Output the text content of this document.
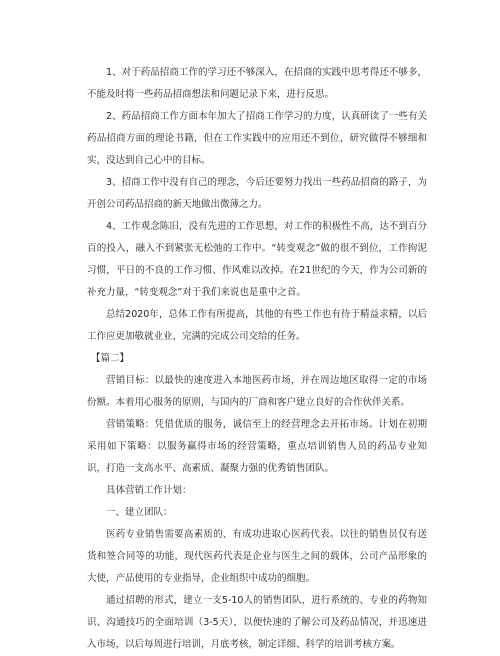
1、对于药品招商工作的学习还不够深入，在招商的实践中思考得还不够多，不能及时将一些药品招商想法和问题记录下来，进行反思。

2、药品招商工作方面本年加大了招商工作学习的力度，认真研读了一些有关药品招商方面的理论书籍，但在工作实践中的应用还不到位，研究做得不够细和实，没达到自己心中的目标。

3、招商工作中没有自己的理念，今后还要努力找出一些药品招商的路子，为开创公司药品招商的新天地做出微薄之力。

4、工作观念陈旧，没有先进的工作思想，对工作的积极性不高，达不到百分百的投入，融入不到紧张无松弛的工作中。“转变观念”做的很不到位，工作拘泥习惯，平日的不良的工作习惯、作风难以改掉。在21世纪的今天，作为公司新的补充力量，“转变观念”对于我们来说也是重中之首。

总结2020年，总体工作有所提高，其他的有些工作也有待于精益求精，以后工作应更加敬就业业，完满的完成公司交给的任务。

【篇二】

营销目标：以最快的速度进入本地医药市场，并在周边地区取得一定的市场份额。本着用心服务的原则，与国内的厂商和客户建立良好的合作伙伴关系。

营销策略：凭借优质的服务，诚信至上的经营理念去开拓市场。计划在初期采用如下策略：以服务赢得市场的经营策略，重点培训销售人员的药品专业知识，打造一支高水平、高素质、凝聚力强的优秀销售团队。

具体营销工作计划：

一、建立团队：

医药专业销售需要高素质的、有成功进取心医药代表。以往的销售员仅有送货和签合同等的功能，现代医药代表是企业与医生之间的载体，公司产品形象的大使，产品使用的专业指导，企业组织中成功的细胞。

通过招聘的形式，建立一支5-10人的销售团队，进行系统的、专业的药物知识、沟通技巧的全面培训（3-5天），以便快速的了解公司及药品情况，并迅速进入市场，以后每周进行培训，月底考核，制定详细、科学的培训考核方案。
